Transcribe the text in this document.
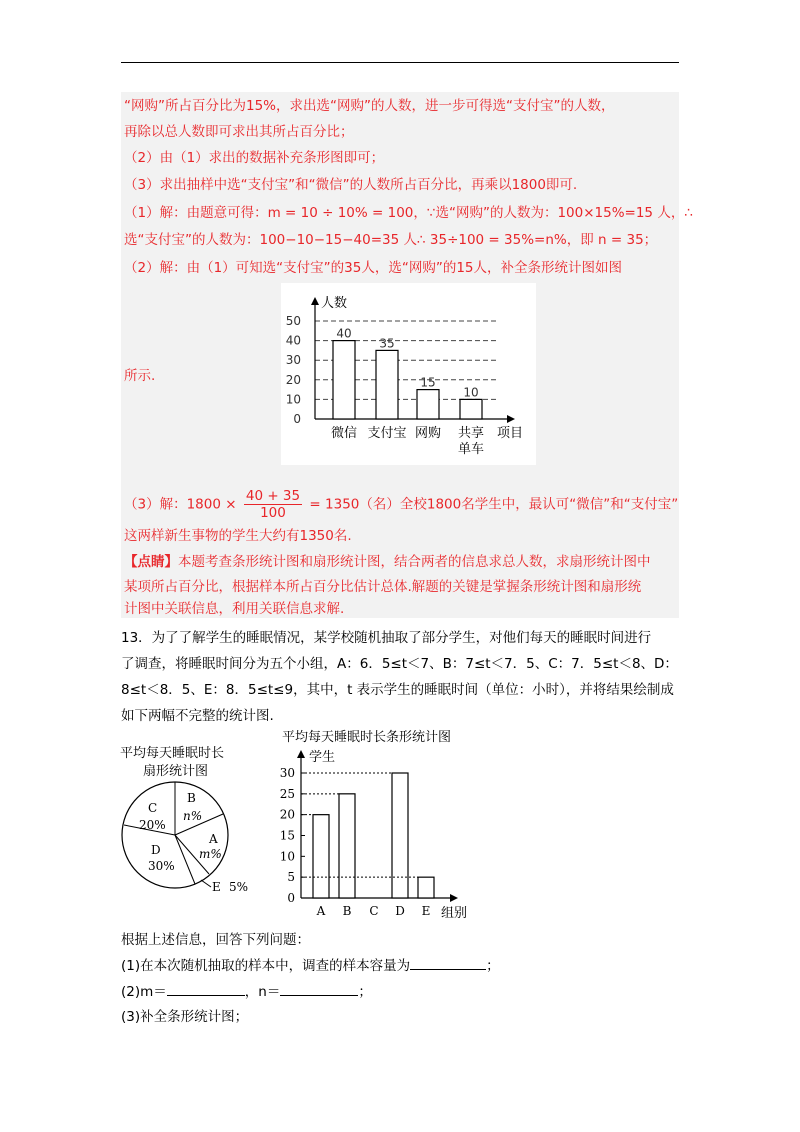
“网购”所占百分比为15%，求出选“网购”的人数，进一步可得选“支付宝”的人数，
再除以总人数即可求出其所占百分比；
（2）由（1）求出的数据补充条形图即可；
（3）求出抽样中选“支付宝”和“微信”的人数所占百分比，再乘以1800即可.
（1）解：由题意可得：m = 10 ÷ 10% = 100，∵选“网购”的人数为：100×15%=15 人，∴
选“支付宝”的人数为：100−10−15−40=35 人∴ 35÷100 = 35%=n%，即 n = 35；
（2）解：由（1）可知选“支付宝”的35人，选“网购”的15人，补全条形统计图如图
所示.
0
10
20
30
40
50
人数
项目
40
微信
35
支付宝
15
网购
10
共享
单车
（3）解：$1800 \times \frac{40 + 35}{100} = 1350$（名）全校1800名学生中，最认可“微信”和“支付宝”
这两样新生事物的学生大约有1350名.
【点睛】本题考查条形统计图和扇形统计图，结合两者的信息求总人数，求扇形统计图中
某项所占百分比，根据样本所占百分比估计总体.解题的关键是掌握条形统计图和扇形统
计图中关联信息，利用关联信息求解.
13．为了了解学生的睡眠情况，某学校随机抽取了部分学生，对他们每天的睡眠时间进行
了调查，将睡眠时间分为五个小组，A：6．5≤t＜7、B：7≤t＜7．5、C：7．5≤t＜8、D：
8≤t＜8．5、E：8．5≤t≤9，其中，t 表示学生的睡眠时间（单位：小时），并将结果绘制成
如下两幅不完整的统计图.
平均每天睡眠时长
扇形统计图
C
20%
B
n%
A
m%
D
30%
E 5%
平均每天睡眠时长条形统计图
学生
组别
0
5
10
15
20
25
30
A B C D E
根据上述信息，回答下列问题：
(1)在本次随机抽取的样本中，调查的样本容量为	；
(2)m＝	，n＝	；
(3)补全条形统计图；
